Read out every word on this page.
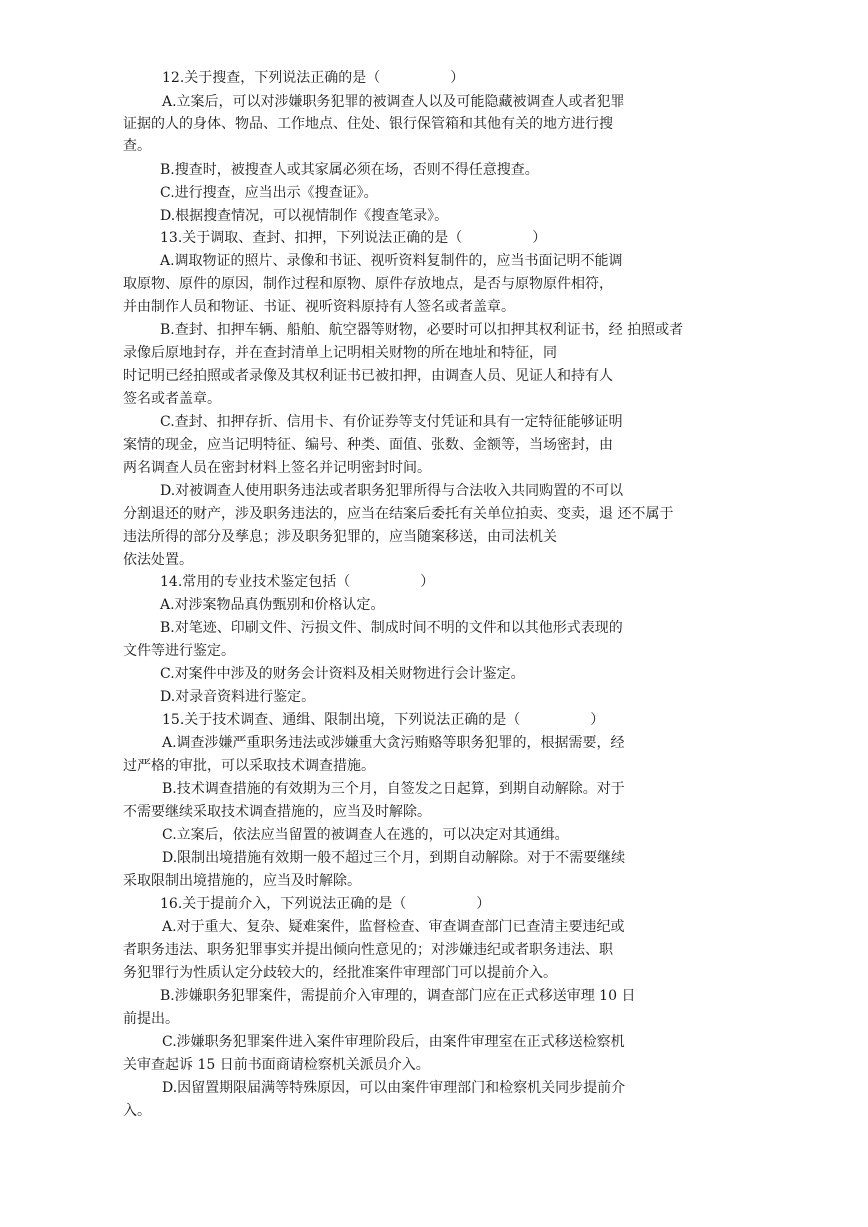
12.关于搜查，下列说法正确的是（　　　　　）
A.立案后，可以对涉嫌职务犯罪的被调查人以及可能隐藏被调查人或者犯罪
证据的人的身体、物品、工作地点、住处、银行保管箱和其他有关的地方进行搜
查。
B.搜查时，被搜查人或其家属必须在场，否则不得任意搜查。
C.进行搜查，应当出示《搜查证》。
D.根据搜查情况，可以视情制作《搜查笔录》。
13.关于调取、查封、扣押，下列说法正确的是（　　　　　）
A.调取物证的照片、录像和书证、视听资料复制件的，应当书面记明不能调
取原物、原件的原因，制作过程和原物、原件存放地点，是否与原物原件相符，
并由制作人员和物证、书证、视听资料原持有人签名或者盖章。
B.查封、扣押车辆、船舶、航空器等财物，必要时可以扣押其权利证书，经 拍照或者
录像后原地封存，并在查封清单上记明相关财物的所在地址和特征，同
时记明已经拍照或者录像及其权利证书已被扣押，由调查人员、见证人和持有人
签名或者盖章。
C.查封、扣押存折、信用卡、有价证券等支付凭证和具有一定特征能够证明
案情的现金，应当记明特征、编号、种类、面值、张数、金额等，当场密封，由
两名调查人员在密封材料上签名并记明密封时间。
D.对被调查人使用职务违法或者职务犯罪所得与合法收入共同购置的不可以
分割退还的财产，涉及职务违法的，应当在结案后委托有关单位拍卖、变卖，退 还不属于
违法所得的部分及孳息；涉及职务犯罪的，应当随案移送，由司法机关
依法处置。
14.常用的专业技术鉴定包括（　　　　　）
A.对涉案物品真伪甄别和价格认定。
B.对笔迹、印刷文件、污损文件、制成时间不明的文件和以其他形式表现的
文件等进行鉴定。
C.对案件中涉及的财务会计资料及相关财物进行会计鉴定。
D.对录音资料进行鉴定。
15.关于技术调查、通缉、限制出境，下列说法正确的是（　　　　　）
A.调查涉嫌严重职务违法或涉嫌重大贪污贿赂等职务犯罪的，根据需要，经
过严格的审批，可以采取技术调查措施。
B.技术调查措施的有效期为三个月，自签发之日起算，到期自动解除。对于
不需要继续采取技术调查措施的，应当及时解除。
C.立案后，依法应当留置的被调查人在逃的，可以决定对其通缉。
D.限制出境措施有效期一般不超过三个月，到期自动解除。对于不需要继续
采取限制出境措施的，应当及时解除。
16.关于提前介入，下列说法正确的是（　　　　　）
A.对于重大、复杂、疑难案件，监督检查、审查调查部门已查清主要违纪或
者职务违法、职务犯罪事实并提出倾向性意见的；对涉嫌违纪或者职务违法、职
务犯罪行为性质认定分歧较大的，经批准案件审理部门可以提前介入。
B.涉嫌职务犯罪案件，需提前介入审理的，调查部门应在正式移送审理 10 日
前提出。
C.涉嫌职务犯罪案件进入案件审理阶段后，由案件审理室在正式移送检察机
关审查起诉 15 日前书面商请检察机关派员介入。
D.因留置期限届满等特殊原因，可以由案件审理部门和检察机关同步提前介
入。
